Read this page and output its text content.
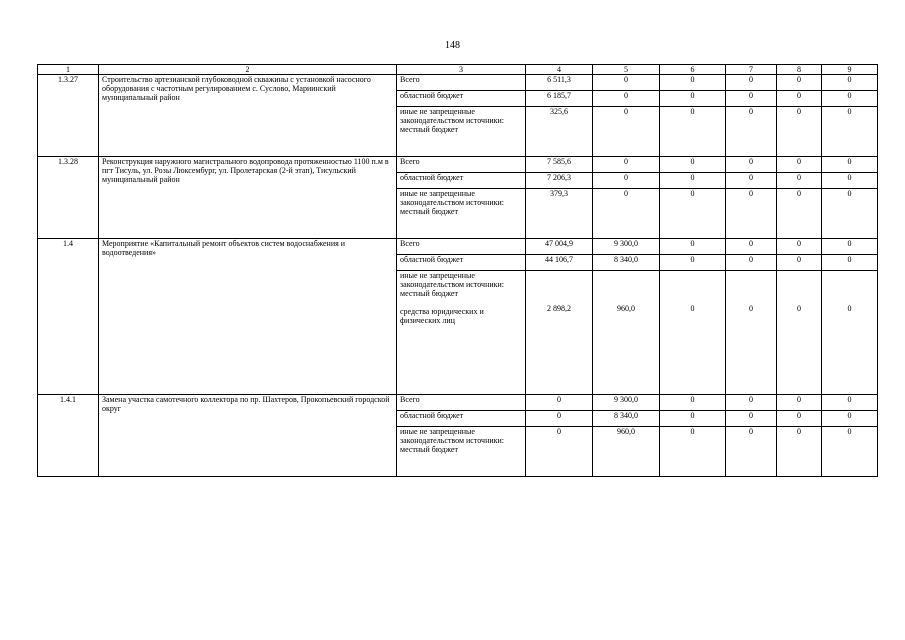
148
1	2	3	4	5	6	7	8	9
1.3.27	Строительство артезианской глубоководной скважины с установкой насосного оборудования с частотным регулированием с. Суслово, Мариинский муниципальный район	Всего	6 511,3	0	0	0	0	0
		областной бюджет	6 185,7	0	0	0	0	0

		иные не запрещенные законодательством источники:
местный бюджет	325,6	0	0	0	0	0
1.3.28	Реконструкция наружного магистрального водопровода протяженностью 1100 п.м в пгт Тисуль, ул. Розы Люксембург, ул. Пролетарская (2-й этап), Тисульский муниципальный район	Всего	7 585,6	0	0	0	0	0
		областной бюджет	7 206,3	0	0	0	0	0

		иные не запрещенные законодательством источники:
местный бюджет	379,3	0	0	0	0	0
1.4	Мероприятие «Капитальный ремонт объектов систем водоснабжения и водоотведения»	Всего	47 004,9	9 300,0	0	0	0	0
		областной бюджет	44 106,7	8 340,0	0	0	0	0

		иные не запрещенные законодательством источники:
местный бюджет
средства юридических и физических лиц	2 898,2	960,0	0	0	0	0
1.4.1	Замена участка самотечного коллектора по пр. Шахтеров, Прокопьевский городской округ	Всего	0	9 300,0	0	0	0	0
		областной бюджет	0	8 340,0	0	0	0	0

		иные не запрещенные законодательством источники:
местный бюджет	0	960,0	0	0	0	0
